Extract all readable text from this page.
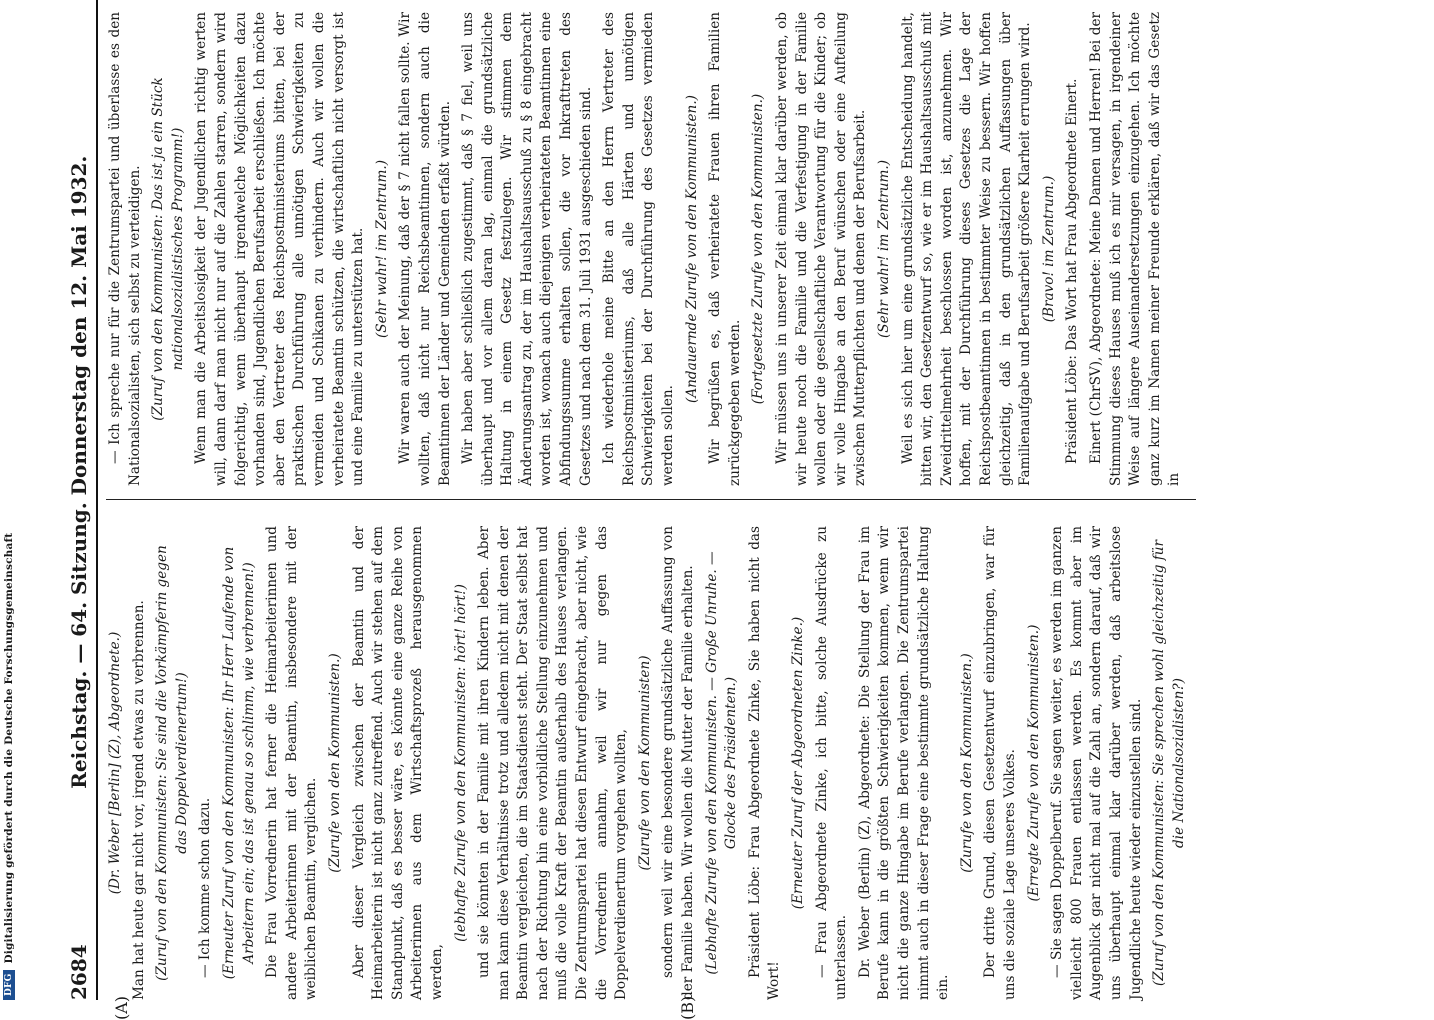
2684
Reichstag. — 64. Sitzung. Donnerstag den 12. Mai 1932.
(A)	(B)

(Dr. Weber [Berlin] (Z), Abgeordnete.) Man hat heute gar nicht vor, irgend etwas zu verbrennen. (Zuruf von den Kommunisten: Sie sind die Vorkämpferin gegen das Doppelverdienertum!)

— Ich komme schon dazu. (Erneuter Zuruf von den Kommunisten: Ihr Herr Laufende von Arbeitern ein; das ist genau so schlimm, wie verbrennen!) Die Frau Vorrednerin hat ferner die Heimarbeiterinnen und andere Arbeiterinnen mit der Beamtin, insbesondere mit der weiblichen Beamtin, verglichen.

(Zurufe von den Kommunisten.) Aber dieser Vergleich zwischen der Beamtin und der Heimarbeiterin ist nicht ganz zutreffend. Auch wir stehen auf dem Standpunkt, daß es besser wäre, es könnte eine ganze Reihe von Arbeiterinnen aus dem Wirtschaftsprozeß herausgenommen werden,

(lebhafte Zurufe von den Kommunisten: hört! hört!) und sie könnten in der Familie mit ihren Kindern leben. Aber man kann diese Verhältnisse trotz und alledem nicht mit denen der Beamtin vergleichen, die im Staatsdienst steht. Der Staat selbst hat nach der Richtung hin eine vorbildliche Stellung einzunehmen und muß die volle Kraft der Beamtin außerhalb des Hauses verlangen. Die Zentrumspartei hat diesen Entwurf eingebracht, aber nicht, wie die Vorrednerin annahm, weil wir nur gegen das Doppelverdienertum vorgehen wollten, (Zurufe von den Kommunisten) sondern weil wir eine besondere grundsätzliche Auffassung von der Familie haben. Wir wollen die Mutter der Familie erhalten. (Lebhafte Zurufe von den Kommunisten. — Große Unruhe. — Glocke des Präsidenten.) Präsident Löbe: Frau Abgeordnete Zinke, Sie haben nicht das Wort!

(Erneuter Zuruf der Abgeordneten Zinke.) — Frau Abgeordnete Zinke, ich bitte, solche Ausdrücke zu unterlassen. Dr. Weber (Berlin) (Z), Abgeordnete: Die Stellung der Frau im Berufe kann in die größten Schwierigkeiten kommen, wenn wir nicht die ganze Hingabe im Berufe verlangen. Die Zentrumspartei nimmt auch in dieser Frage eine bestimmte grundsätzliche Haltung ein.

(Zurufe von den Kommunisten.) Der dritte Grund, diesen Gesetzentwurf einzubringen, war für uns die soziale Lage unseres Volkes. (Erregte Zurufe von den Kommunisten.) — Sie sagen Doppelberuf. Sie sagen weiter, es werden im ganzen vielleicht 800 Frauen entlassen werden. Es kommt aber im Augenblick gar nicht mal auf die Zahl an, sondern darauf, daß wir uns überhaupt einmal klar darüber werden, daß arbeitslose Jugendliche heute wieder einzustellen sind. (Zuruf von den Kommunisten: Sie sprechen wohl gleichzeitig für die Nationalsozialisten?)

— Ich spreche nur für die Zentrumspartei und überlasse es den Nationalsozialisten, sich selbst zu verteidigen. (Zuruf von den Kommunisten: Das ist ja ein Stück nationalsozialistisches Programm!) Wenn man die Arbeitslosigkeit der Jugendlichen richtig werten will, dann darf man nicht nur auf die Zahlen starren, sondern wird folgerichtig, wenn überhaupt irgendwelche Möglichkeiten dazu vorhanden sind, Jugendlichen Berufsarbeit erschließen. Ich möchte aber den Vertreter des Reichspostministeriums bitten, bei der praktischen Durchführung alle unnötigen Schwierigkeiten zu vermeiden und Schikanen zu verhindern. Auch wir wollen die verheiratete Beamtin schützen, die wirtschaftlich nicht versorgt ist und eine Familie zu unterstützen hat. (Sehr wahr! im Zentrum.) Wir waren auch der Meinung, daß der § 7 nicht fallen sollte. Wir wollten, daß nicht nur Reichsbeamtinnen, sondern auch die Beamtinnen der Länder und Gemeinden erfaßt würden. Wir haben aber schließlich zugestimmt, daß § 7 fiel, weil uns überhaupt und vor allem daran lag, einmal die grundsätzliche Haltung in einem Gesetz festzulegen. Wir stimmen dem Änderungsantrag zu, der im Haushaltsausschuß zu § 8 eingebracht worden ist, wonach auch diejenigen verheirateten Beamtinnen eine Abfindungssumme erhalten sollen, die vor Inkrafttreten des Gesetzes und nach dem 31. Juli 1931 ausgeschieden sind. Ich wiederhole meine Bitte an den Herrn Vertreter des Reichspostministeriums, daß alle Härten und unnötigen Schwierigkeiten bei der Durchführung des Gesetzes vermieden werden sollen.

(Andauernde Zurufe von den Kommunisten.) Wir begrüßen es, daß verheiratete Frauen ihren Familien zurückgegeben werden. (Fortgesetzte Zurufe von den Kommunisten.) Wir müssen uns in unserer Zeit einmal klar darüber werden, ob wir heute noch die Familie und die Verfestigung in der Familie wollen oder die gesellschaftliche Verantwortung für die Kinder; ob wir volle Hingabe an den Beruf wünschen oder eine Aufteilung zwischen Mutterpflichten und denen der Berufsarbeit. (Sehr wahr! im Zentrum.) Weil es sich hier um eine grundsätzliche Entscheidung handelt, bitten wir, den Gesetzentwurf so, wie er im Haushaltsausschuß mit Zweidrittelmehrheit beschlossen worden ist, anzunehmen. Wir hoffen, mit der Durchführung dieses Gesetzes die Lage der Reichspostbeamtinnen in bestimmter Weise zu bessern. Wir hoffen gleichzeitig, daß in den grundsätzlichen Auffassungen über Familienaufgabe und Berufsarbeit größere Klarheit errungen wird. (Bravo! im Zentrum.) Präsident Löbe: Das Wort hat Frau Abgeordnete Einert. Einert (ChrSV), Abgeordnete: Meine Damen und Herren! Bei der Stimmung dieses Hauses muß ich es mir versagen, in irgendeiner Weise auf längere Auseinandersetzungen einzugehen. Ich möchte ganz kurz im Namen meiner Freunde erklären, daß wir das Gesetz in

DFG
Digitalisierung gefördert durch die Deutsche Forschungsgemeinschaft
